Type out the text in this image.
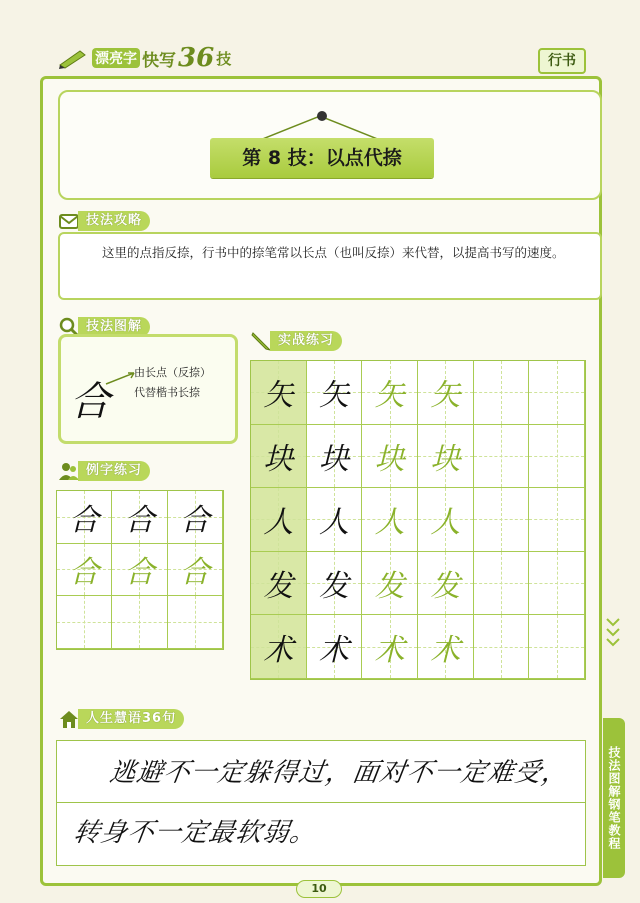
漂亮字 快写 36 技	行书
第 8 技：以点代捺
技法攻略
这里的点指反捺，行书中的捺笔常以长点（也叫反捺）来代替，以提高书写的速度。
技法图解
合
由长点（反捺）
代替楷书长捺
例字练习
合 合 合
合 合 合
实战练习
矢 矢 矢 矢
块 块 块 块
人 人 人 人
发 发 发 发
术 术 术 术
人生慧语36句
逃避不一定躲得过，面对不一定难受，
转身不一定最软弱。	技法图解钢笔教程
10
